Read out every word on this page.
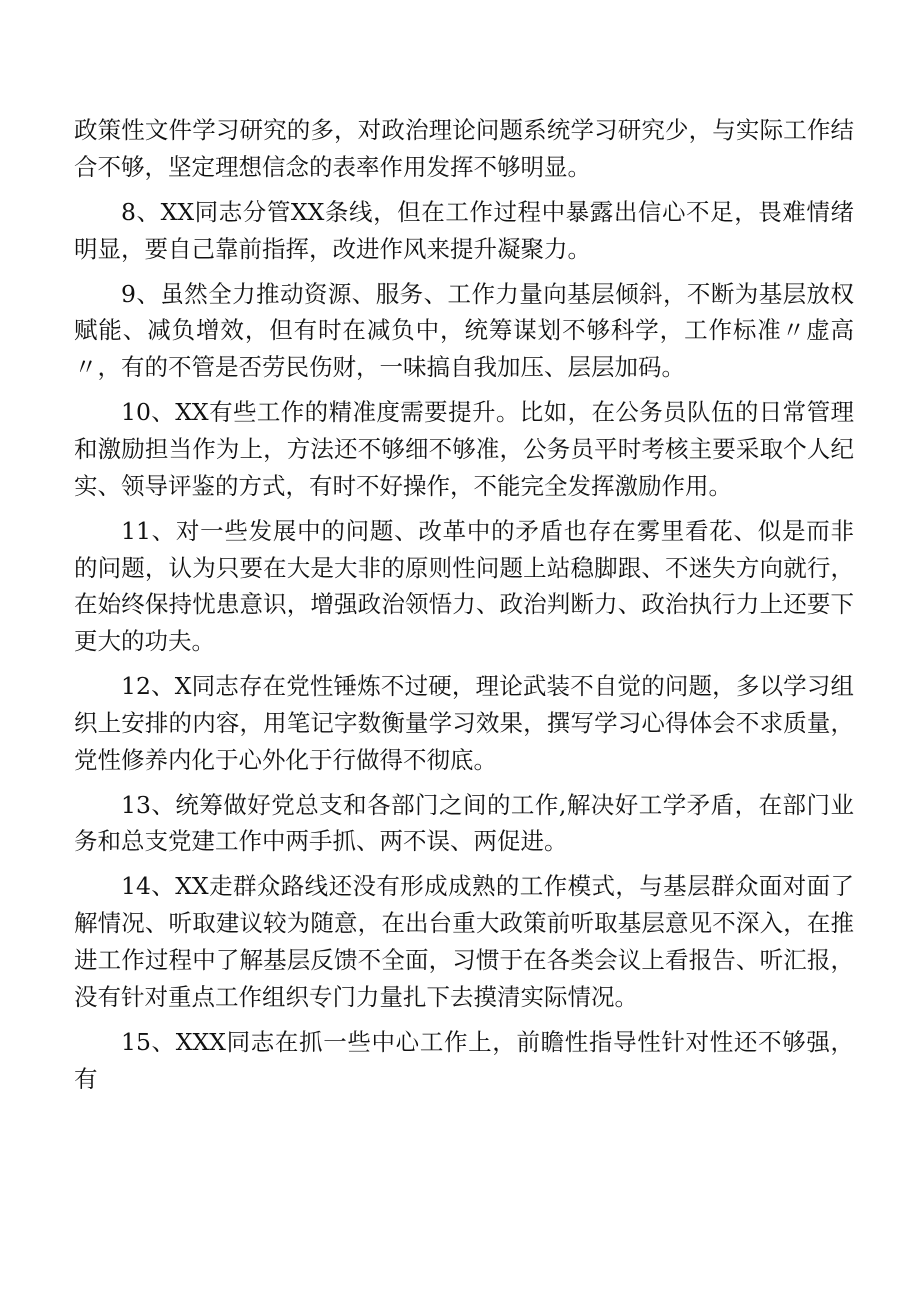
政策性文件学习研究的多，对政治理论问题系统学习研究少，与实际工作结合不够，坚定理想信念的表率作用发挥不够明显。

8、XX同志分管XX条线，但在工作过程中暴露出信心不足，畏难情绪明显，要自己靠前指挥，改进作风来提升凝聚力。

9、虽然全力推动资源、服务、工作力量向基层倾斜，不断为基层放权赋能、减负增效，但有时在减负中，统筹谋划不够科学，工作标准〃虚高〃，有的不管是否劳民伤财，一味搞自我加压、层层加码。

10、XX有些工作的精准度需要提升。比如，在公务员队伍的日常管理和激励担当作为上，方法还不够细不够准，公务员平时考核主要采取个人纪实、领导评鉴的方式，有时不好操作，不能完全发挥激励作用。

11、对一些发展中的问题、改革中的矛盾也存在雾里看花、似是而非的问题，认为只要在大是大非的原则性问题上站稳脚跟、不迷失方向就行，在始终保持忧患意识，增强政治领悟力、政治判断力、政治执行力上还要下更大的功夫。

12、X同志存在党性锤炼不过硬，理论武装不自觉的问题，多以学习组织上安排的内容，用笔记字数衡量学习效果，撰写学习心得体会不求质量，党性修养内化于心外化于行做得不彻底。

13、统筹做好党总支和各部门之间的工作,解决好工学矛盾，在部门业务和总支党建工作中两手抓、两不误、两促进。

14、XX走群众路线还没有形成成熟的工作模式，与基层群众面对面了解情况、听取建议较为随意，在出台重大政策前听取基层意见不深入，在推进工作过程中了解基层反馈不全面，习惯于在各类会议上看报告、听汇报，没有针对重点工作组织专门力量扎下去摸清实际情况。

15、XXX同志在抓一些中心工作上，前瞻性指导性针对性还不够强，有
